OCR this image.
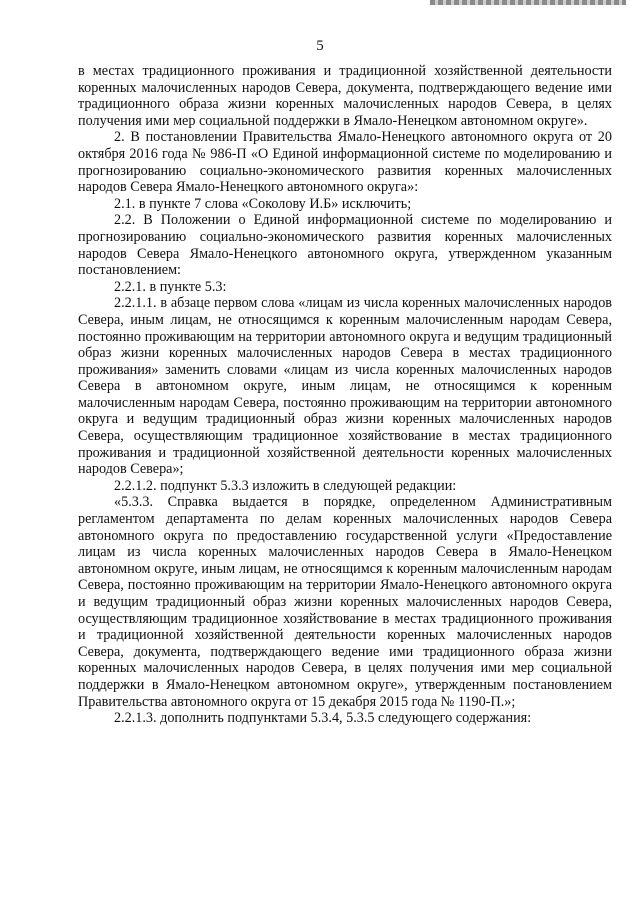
5

в местах традиционного проживания и традиционной хозяйственной деятельности коренных малочисленных народов Севера, документа, подтверждающего ведение ими традиционного образа жизни коренных малочисленных народов Севера, в целях получения ими мер социальной поддержки в Ямало-Ненецком автономном округе».

2. В постановлении Правительства Ямало-Ненецкого автономного округа от 20 октября 2016 года № 986-П «О Единой информационной системе по моделированию и прогнозированию социально-экономического развития коренных малочисленных народов Севера Ямало-Ненецкого автономного округа»:

2.1. в пункте 7 слова «Соколову И.Б» исключить;

2.2. В Положении о Единой информационной системе по моделированию и прогнозированию социально-экономического развития коренных малочисленных народов Севера Ямало-Ненецкого автономного округа, утвержденном указанным постановлением:

2.2.1. в пункте 5.3:

2.2.1.1. в абзаце первом слова «лицам из числа коренных малочисленных народов Севера, иным лицам, не относящимся к коренным малочисленным народам Севера, постоянно проживающим на территории автономного округа и ведущим традиционный образ жизни коренных малочисленных народов Севера в местах традиционного проживания» заменить словами «лицам из числа коренных малочисленных народов Севера в автономном округе, иным лицам, не относящимся к коренным малочисленным народам Севера, постоянно проживающим на территории автономного округа и ведущим традиционный образ жизни коренных малочисленных народов Севера, осуществляющим традиционное хозяйствование в местах традиционного проживания и традиционной хозяйственной деятельности коренных малочисленных народов Севера»;

2.2.1.2. подпункт 5.3.3 изложить в следующей редакции:

«5.3.3. Справка выдается в порядке, определенном Административным регламентом департамента по делам коренных малочисленных народов Севера автономного округа по предоставлению государственной услуги «Предоставление лицам из числа коренных малочисленных народов Севера в Ямало-Ненецком автономном округе, иным лицам, не относящимся к коренным малочисленным народам Севера, постоянно проживающим на территории Ямало-Ненецкого автономного округа и ведущим традиционный образ жизни коренных малочисленных народов Севера, осуществляющим традиционное хозяйствование в местах традиционного проживания и традиционной хозяйственной деятельности коренных малочисленных народов Севера, документа, подтверждающего ведение ими традиционного образа жизни коренных малочисленных народов Севера, в целях получения ими мер социальной поддержки в Ямало-Ненецком автономном округе», утвержденным постановлением Правительства автономного округа от 15 декабря 2015 года № 1190-П.»;

2.2.1.3. дополнить подпунктами 5.3.4, 5.3.5 следующего содержания:
